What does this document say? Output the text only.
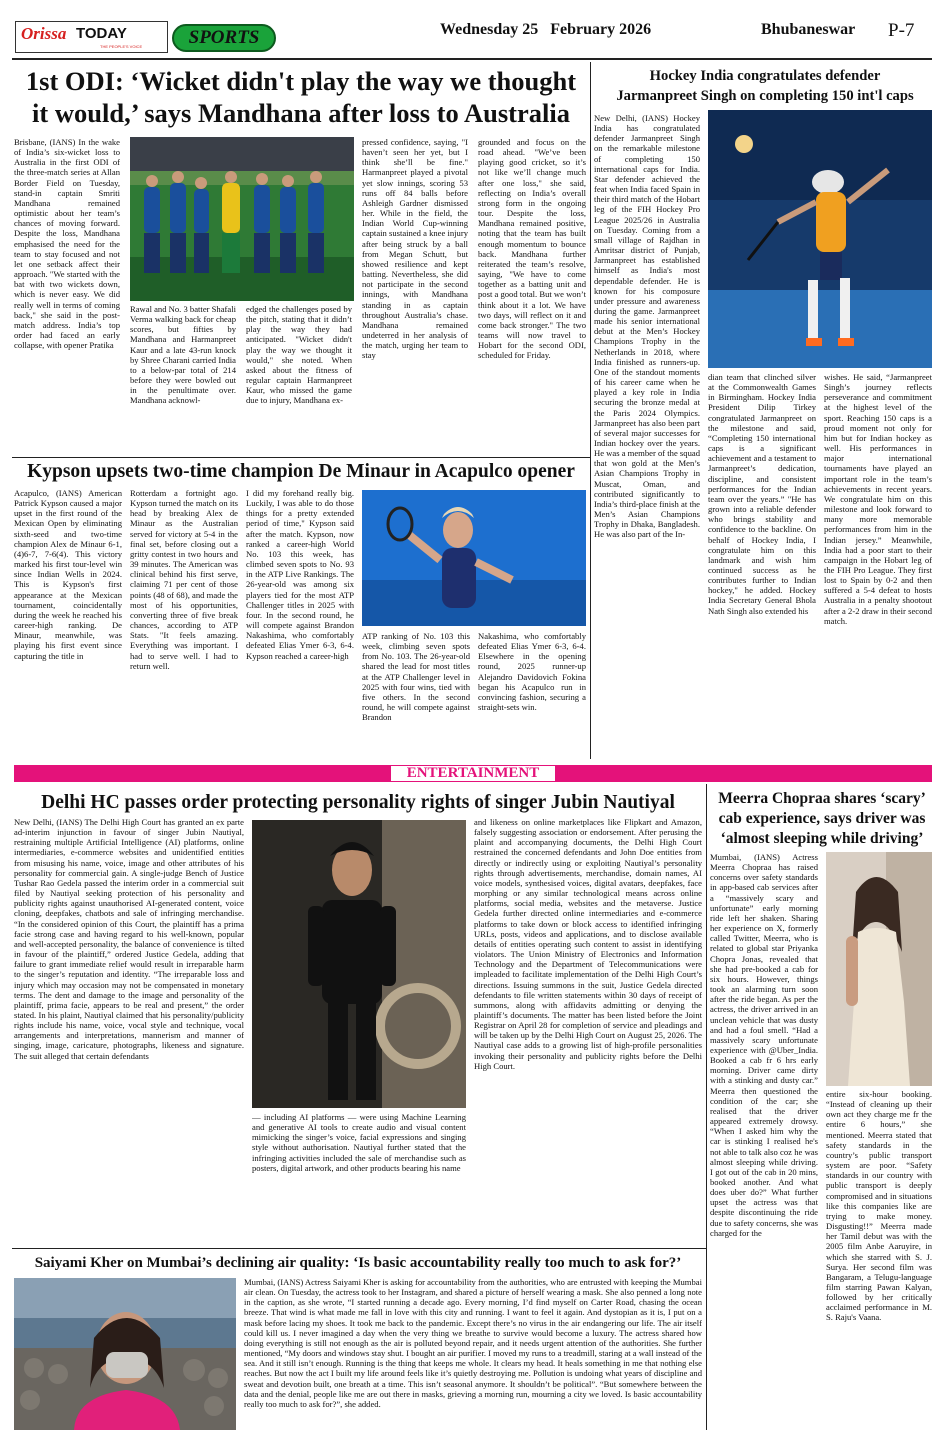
Orissa TODAY
THE PEOPLE'S VOICE	SPORTS	Wednesday 25   February 2026	Bhubaneswar P-7
1st ODI: ‘Wicket didn't play the way we thought
it would,’ says Mandhana after loss to Australia
Brisbane, (IANS) In the wake of India’s six-wicket loss to Australia in the first ODI of the three-match series at Allan Border Field on Tuesday, stand-in captain Smriti Mandhana remained optimistic about her team’s chances of moving forward. Despite the loss, Mandhana emphasised the need for the team to stay focused and not let one setback affect their approach. "We started with the bat with two wickets down, which is never easy. We did really well in terms of coming back," she said in the post-match address. India’s top order had faced an early collapse, with opener Pratika
Rawal and No. 3 batter Shafali Verma walking back for cheap scores, but fifties by Mandhana and Harmanpreet Kaur and a late 43-run knock by Shree Charani carried India to a below-par total of 214 before they were bowled out in the penultimate over. Mandhana acknowl-
edged the challenges posed by the pitch, stating that it didn’t play the way they had anticipated. "Wicket didn't play the way we thought it would," she noted. When asked about the fitness of regular captain Harmanpreet Kaur, who missed the game due to injury, Mandhana ex-
pressed confidence, saying, "I haven’t seen her yet, but I think she’ll be fine." Harmanpreet played a pivotal yet slow innings, scoring 53 runs off 84 balls before Ashleigh Gardner dismissed her. While in the field, the Indian World Cup-winning captain sustained a knee injury after being struck by a ball from Megan Schutt, but showed resilience and kept batting. Nevertheless, she did not participate in the second innings, with Mandhana standing in as captain throughout Australia’s chase. Mandhana remained undeterred in her analysis of the match, urging her team to stay
grounded and focus on the road ahead. "We’ve been playing good cricket, so it’s not like we’ll change much after one loss," she said, reflecting on India’s overall strong form in the ongoing tour. Despite the loss, Mandhana remained positive, noting that the team has built enough momentum to bounce back. Mandhana further reiterated the team’s resolve, saying, "We have to come together as a batting unit and post a good total. But we won’t think about it a lot. We have two days, will reflect on it and come back stronger." The two teams will now travel to Hobart for the second ODI, scheduled for Friday.
Hockey India congratulates defender
Jarmanpreet Singh on completing 150 int'l caps
New Delhi, (IANS) Hockey India has congratulated defender Jarmanpreet Singh on the remarkable milestone of completing 150 international caps for India. Star defender achieved the feat when India faced Spain in their third match of the Hobart leg of the FIH Hockey Pro League 2025/26 in Australia on Tuesday. Coming from a small village of Rajdhan in Amritsar district of Punjab, Jarmanpreet has established himself as India's most dependable defender. He is known for his composure under pressure and awareness during the game. Jarmanpreet made his senior international debut at the Men’s Hockey Champions Trophy in the Netherlands in 2018, where India finished as runners-up. One of the standout moments of his career came when he played a key role in India securing the bronze medal at the Paris 2024 Olympics. Jarmanpreet has also been part of several major successes for Indian hockey over the years. He was a member of the squad that won gold at the Men’s Asian Champions Trophy in Muscat, Oman, and contributed significantly to India’s third-place finish at the Men’s Asian Champions Trophy in Dhaka, Bangladesh. He was also part of the In-
dian team that clinched silver at the Commonwealth Games in Birmingham. Hockey India President Dilip Tirkey congratulated Jarmanpreet on the milestone and said, “Completing 150 international caps is a significant achievement and a testament to Jarmanpreet’s dedication, discipline, and consistent performances for the Indian team over the years.” "He has grown into a reliable defender who brings stability and confidence to the backline. On behalf of Hockey India, I congratulate him on this landmark and wish him continued success as he contributes further to Indian hockey," he added. Hockey India Secretary General Bhola Nath Singh also extended his
wishes. He said, “Jarmanpreet Singh’s journey reflects perseverance and commitment at the highest level of the sport. Reaching 150 caps is a proud moment not only for him but for Indian hockey as well. His performances in major international tournaments have played an important role in the team’s achievements in recent years. We congratulate him on this milestone and look forward to many more memorable performances from him in the Indian jersey.” Meanwhile, India had a poor start to their campaign in the Hobart leg of the FIH Pro League. They first lost to Spain by 0-2 and then suffered a 5-4 defeat to hosts Australia in a penalty shootout after a 2-2 draw in their second match.
Kypson upsets two-time champion De Minaur in Acapulco opener
Acapulco, (IANS) American Patrick Kypson caused a major upset in the first round of the Mexican Open by eliminating sixth-seed and two-time champion Alex de Minaur 6-1, (4)6-7, 7-6(4). This victory marked his first tour-level win since Indian Wells in 2024. This is Kypson's first appearance at the Mexican tournament, coincidentally during the week he reached his career-high ranking. De Minaur, meanwhile, was playing his first event since capturing the title in
Rotterdam a fortnight ago. Kypson turned the match on its head by breaking Alex de Minaur as the Australian served for victory at 5-4 in the final set, before closing out a gritty contest in two hours and 39 minutes. The American was clinical behind his first serve, claiming 71 per cent of those points (48 of 68), and made the most of his opportunities, converting three of five break chances, according to ATP Stats. "It feels amazing. Everything was important. I had to serve well. I had to return well.
I did my forehand really big. Luckily, I was able to do those things for a pretty extended period of time," Kypson said after the match. Kypson, now ranked a career-high World No. 103 this week, has climbed seven spots to No. 93 in the ATP Live Rankings. The 26-year-old was among six players tied for the most ATP Challenger titles in 2025 with four. In the second round, he will compete against Brandon Nakashima, who comfortably defeated Elias Ymer 6-3, 6-4. Kypson reached a career-high
ATP ranking of No. 103 this week, climbing seven spots from No. 103. The 26-year-old shared the lead for most titles at the ATP Challenger level in 2025 with four wins, tied with five others. In the second round, he will compete against Brandon
Nakashima, who comfortably defeated Elias Ymer 6-3, 6-4. Elsewhere in the opening round, 2025 runner-up Alejandro Davidovich Fokina began his Acapulco run in convincing fashion, securing a straight-sets win.
ENTERTAINMENT
Delhi HC passes order protecting personality rights of singer Jubin Nautiyal
New Delhi, (IANS) The Delhi High Court has granted an ex parte ad-interim injunction in favour of singer Jubin Nautiyal, restraining multiple Artificial Intelligence (AI) platforms, online intermediaries, e-commerce websites and unidentified entities from misusing his name, voice, image and other attributes of his personality for commercial gain. A single-judge Bench of Justice Tushar Rao Gedela passed the interim order in a commercial suit filed by Nautiyal seeking protection of his personality and publicity rights against unauthorised AI-generated content, voice cloning, deepfakes, chatbots and sale of infringing merchandise. “In the considered opinion of this Court, the plaintiff has a prima facie strong case and having regard to his well-known, popular and well-accepted personality, the balance of convenience is tilted in favour of the plaintiff,” ordered Justice Gedela, adding that failure to grant immediate relief would result in irreparable harm to the singer’s reputation and identity. “The irreparable loss and injury which may occasion may not be compensated in monetary terms. The dent and damage to the image and personality of the plaintiff, prima facie, appears to be real and present,” the order stated. In his plaint, Nautiyal claimed that his personality/publicity rights include his name, voice, vocal style and technique, vocal arrangements and interpretations, mannerism and manner of singing, image, caricature, photographs, likeness and signature. The suit alleged that certain defendants
— including AI platforms — were using Machine Learning and generative AI tools to create audio and visual content mimicking the singer’s voice, facial expressions and singing style without authorisation. Nautiyal further stated that the infringing activities included the sale of merchandise such as posters, digital artwork, and other products bearing his name
and likeness on online marketplaces like Flipkart and Amazon, falsely suggesting association or endorsement. After perusing the plaint and accompanying documents, the Delhi High Court restrained the concerned defendants and John Doe entities from directly or indirectly using or exploiting Nautiyal’s personality rights through advertisements, merchandise, domain names, AI voice models, synthesised voices, digital avatars, deepfakes, face morphing or any similar technological means across online platforms, social media, websites and the metaverse. Justice Gedela further directed online intermediaries and e-commerce platforms to take down or block access to identified infringing URLs, posts, videos and applications, and to disclose available details of entities operating such content to assist in identifying violators. The Union Ministry of Electronics and Information Technology and the Department of Telecommunications were impleaded to facilitate implementation of the Delhi High Court’s directions. Issuing summons in the suit, Justice Gedela directed defendants to file written statements within 30 days of receipt of summons, along with affidavits admitting or denying the plaintiff’s documents. The matter has been listed before the Joint Registrar on April 28 for completion of service and pleadings and will be taken up by the Delhi High Court on August 25, 2026. The Nautiyal case adds to a growing list of high-profile personalities invoking their personality and publicity rights before the Delhi High Court.
Meerra Chopraa shares ‘scary’
cab experience, says driver was
‘almost sleeping while driving’
Mumbai, (IANS) Actress Meerra Chopraa has raised concerns over safety standards in app-based cab services after a “massively scary and unfortunate” early morning ride left her shaken. Sharing her experience on X, formerly called Twitter, Meerra, who is related to global star Priyanka Chopra Jonas, revealed that she had pre-booked a cab for six hours. However, things took an alarming turn soon after the ride began. As per the actress, the driver arrived in an unclean vehicle that was dusty and had a foul smell. “Had a massively scary unfortunate experience with @Uber_India. Booked a cab fr 6 hrs early morning. Driver came dirty with a stinking and dusty car.” Meerra then questioned the condition of the car; she realised that the driver appeared extremely drowsy. “When I asked him why the car is stinking I realised he's not able to talk also coz he was almost sleeping while driving. I got out of the cab in 20 mins, booked another. And what does uber do?” What further upset the actress was that despite discontinuing the ride due to safety concerns, she was charged for the
entire six-hour booking. “Instead of cleaning up their own act they charge me fr the entire 6 hours,” she mentioned. Meerra stated that safety standards in the country’s public transport system are poor. “Safety standards in our country with public transport is deeply compromised and in situations like this companies like are trying to make money. Disgusting!!” Meerra made her Tamil debut was with the 2005 film Anbe Aaruyire, in which she starred with S. J. Surya. Her second film was Bangaram, a Telugu-language film starring Pawan Kalyan, followed by her critically acclaimed performance in M. S. Raju's Vaana.
Saiyami Kher on Mumbai’s declining air quality: ‘Is basic accountability really too much to ask for?’
Mumbai, (IANS) Actress Saiyami Kher is asking for accountability from the authorities, who are entrusted with keeping the Mumbai air clean. On Tuesday, the actress took to her Instagram, and shared a picture of herself wearing a mask. She also penned a long note in the caption, as she wrote, “I started running a decade ago. Every morning, I’d find myself on Carter Road, chasing the ocean breeze. That wind is what made me fall in love with this city and running. I want to feel it again. And dystopian as it is, I put on a mask before lacing my shoes. It took me back to the pandemic. Except there’s no virus in the air endangering our life. The air itself could kill us. I never imagined a day when the very thing we breathe to survive would become a luxury. The actress shared how doing everything is still not enough as the air is polluted beyond repair, and it needs urgent attention of the authorities. She further mentioned, “My doors and windows stay shut. I bought an air purifier. I moved my runs to a treadmill, staring at a wall instead of the sea. And it still isn’t enough. Running is the thing that keeps me whole. It clears my head. It heals something in me that nothing else reaches. But now the act I built my life around feels like it’s quietly destroying me. Pollution is undoing what years of discipline and sweat and devotion built, one breath at a time. This isn’t seasonal anymore. It shouldn’t be political”. “But somewhere between the data and the denial, people like me are out there in masks, grieving a morning run, mourning a city we loved. Is basic accountability really too much to ask for?”, she added.
